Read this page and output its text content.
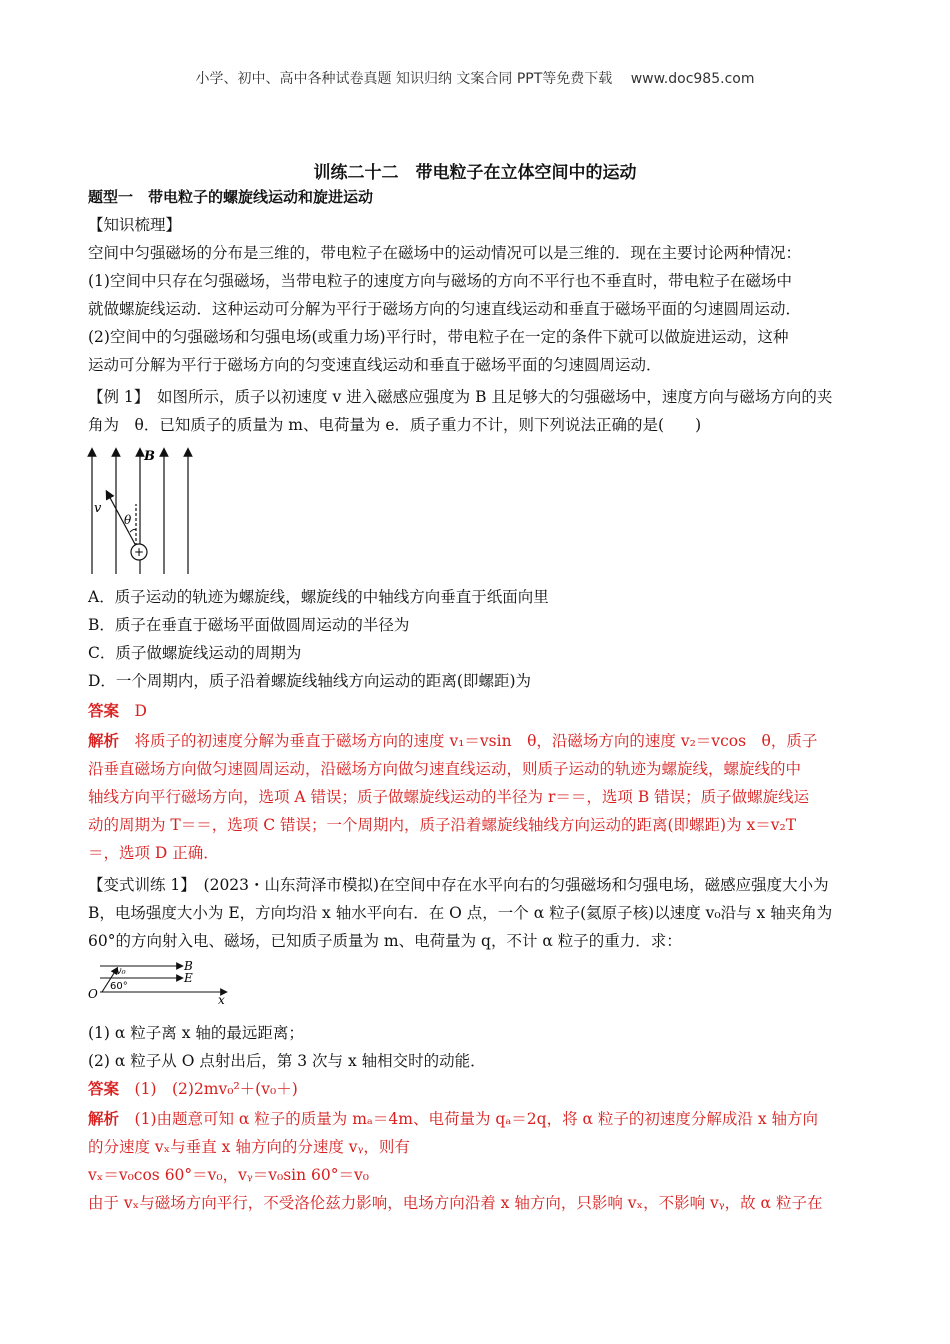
小学、初中、高中各种试卷真题 知识归纳 文案合同 PPT等免费下载　 www.doc985.com
训练二十二　带电粒子在立体空间中的运动
题型一　带电粒子的螺旋线运动和旋进运动
【知识梳理】
空间中匀强磁场的分布是三维的，带电粒子在磁场中的运动情况可以是三维的．现在主要讨论两种情况：
(1)空间中只存在匀强磁场，当带电粒子的速度方向与磁场的方向不平行也不垂直时，带电粒子在磁场中
就做螺旋线运动．这种运动可分解为平行于磁场方向的匀速直线运动和垂直于磁场平面的匀速圆周运动．
(2)空间中的匀强磁场和匀强电场(或重力场)平行时，带电粒子在一定的条件下就可以做旋进运动，这种
运动可分解为平行于磁场方向的匀变速直线运动和垂直于磁场平面的匀速圆周运动．
【例 1】　如图所示，质子以初速度 v 进入磁感应强度为 B 且足够大的匀强磁场中，速度方向与磁场方向的夹
角为　θ．已知质子的质量为 m、电荷量为 e．质子重力不计，则下列说法正确的是(　　)
+
B
v
θ
A．质子运动的轨迹为螺旋线，螺旋线的中轴线方向垂直于纸面向里
B．质子在垂直于磁场平面做圆周运动的半径为
C．质子做螺旋线运动的周期为
D．一个周期内，质子沿着螺旋线轴线方向运动的距离(即螺距)为
答案　 D
解析　 将质子的初速度分解为垂直于磁场方向的速度 v₁＝vsin　θ，沿磁场方向的速度 v₂＝vcos　θ，质子
沿垂直磁场方向做匀速圆周运动，沿磁场方向做匀速直线运动，则质子运动的轨迹为螺旋线，螺旋线的中
轴线方向平行磁场方向，选项 A 错误；质子做螺旋线运动的半径为 r＝＝，选项 B 错误；质子做螺旋线运
动的周期为 T＝＝，选项 C 错误；一个周期内，质子沿着螺旋线轴线方向运动的距离(即螺距)为 x＝v₂T
＝，选项 D 正确．
【变式训练 1】　(2023・山东菏泽市模拟)在空间中存在水平向右的匀强磁场和匀强电场，磁感应强度大小为
B，电场强度大小为 E，方向均沿 x 轴水平向右．在 O 点，一个 α 粒子(氦原子核)以速度 v₀沿与 x 轴夹角为
60°的方向射入电、磁场，已知质子质量为 m、电荷量为 q，不计 α 粒子的重力．求：
B
E
x
O
v₀
60°
(1) α 粒子离 x 轴的最远距离；
(2) α 粒子从 O 点射出后，第 3 次与 x 轴相交时的动能．
答案　 (1)　(2)2mv₀²＋(v₀＋)
解析　 (1)由题意可知 α 粒子的质量为 mₐ＝4m、电荷量为 qₐ＝2q，将 α 粒子的初速度分解成沿 x 轴方向
的分速度 vₓ与垂直 x 轴方向的分速度 vᵧ，则有
vₓ＝v₀cos 60°＝v₀，vᵧ＝v₀sin 60°＝v₀
由于 vₓ与磁场方向平行，不受洛伦兹力影响，电场方向沿着 x 轴方向，只影响 vₓ，不影响 vᵧ，故 α 粒子在
